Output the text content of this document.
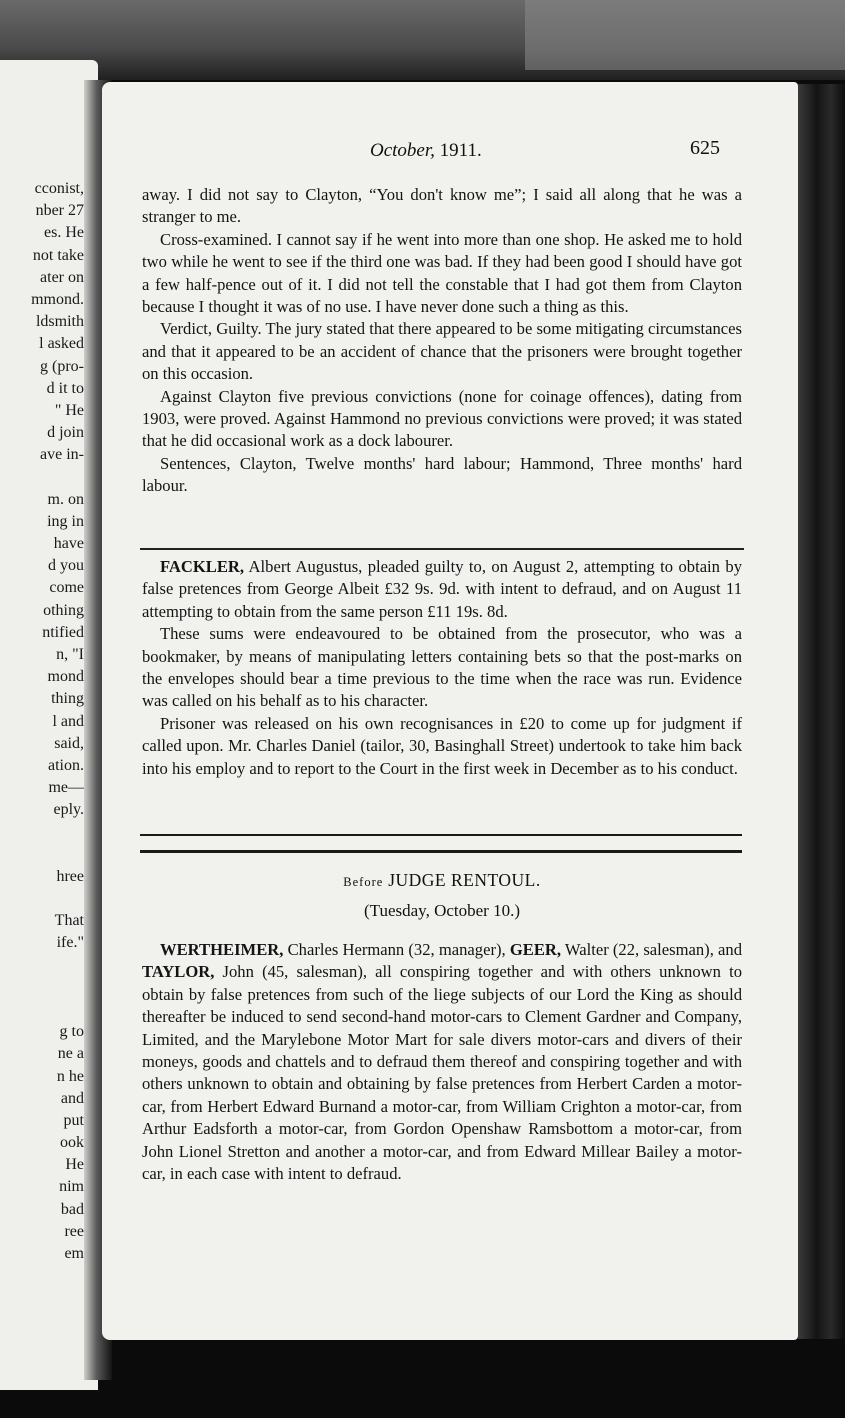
cconist,
nber 27
es. He
not take
ater on
mmond.
ldsmith
l asked
g (pro-
d it to
" He
d join
ave in-
m. on
ing in
have
d you
come
othing
ntified
n, "I
mond
thing
l and
said,
ation.
me—
eply.
hree
That
ife."
g to
ne a
n he
and
put
ook
He
nim
bad
ree
em
October, 1911.	625

away. I did not say to Clayton, “You don't know me”; I said all along that he was a stranger to me.

Cross-examined. I cannot say if he went into more than one shop. He asked me to hold two while he went to see if the third one was bad. If they had been good I should have got a few half-pence out of it. I did not tell the constable that I had got them from Clayton because I thought it was of no use. I have never done such a thing as this.

Verdict, Guilty. The jury stated that there appeared to be some mitigating circumstances and that it appeared to be an accident of chance that the prisoners were brought together on this occasion.

Against Clayton five previous convictions (none for coinage offences), dating from 1903, were proved. Against Hammond no previous convictions were proved; it was stated that he did occasional work as a dock labourer.

Sentences, Clayton, Twelve months' hard labour; Hammond, Three months' hard labour.

FACKLER, Albert Augustus, pleaded guilty to, on August 2, attempting to obtain by false pretences from George Albeit £32 9s. 9d. with intent to defraud, and on August 11 attempting to obtain from the same person £11 19s. 8d.

These sums were endeavoured to be obtained from the prosecutor, who was a bookmaker, by means of manipulating letters containing bets so that the post-marks on the envelopes should bear a time previous to the time when the race was run. Evidence was called on his behalf as to his character.

Prisoner was released on his own recognisances in £20 to come up for judgment if called upon. Mr. Charles Daniel (tailor, 30, Basinghall Street) undertook to take him back into his employ and to report to the Court in the first week in December as to his conduct.

Before JUDGE RENTOUL.
(Tuesday, October 10.)

WERTHEIMER, Charles Hermann (32, manager), GEER, Walter (22, salesman), and TAYLOR, John (45, salesman), all conspiring together and with others unknown to obtain by false pretences from such of the liege subjects of our Lord the King as should thereafter be induced to send second-hand motor-cars to Clement Gardner and Company, Limited, and the Marylebone Motor Mart for sale divers motor-cars and divers of their moneys, goods and chattels and to defraud them thereof and conspiring together and with others unknown to obtain and obtaining by false pretences from Herbert Carden a motor-car, from Herbert Edward Burnand a motor-car, from William Crighton a motor-car, from Arthur Eadsforth a motor-car, from Gordon Openshaw Ramsbottom a motor-car, from John Lionel Stretton and another a motor-car, and from Edward Millear Bailey a motor-car, in each case with intent to defraud.
